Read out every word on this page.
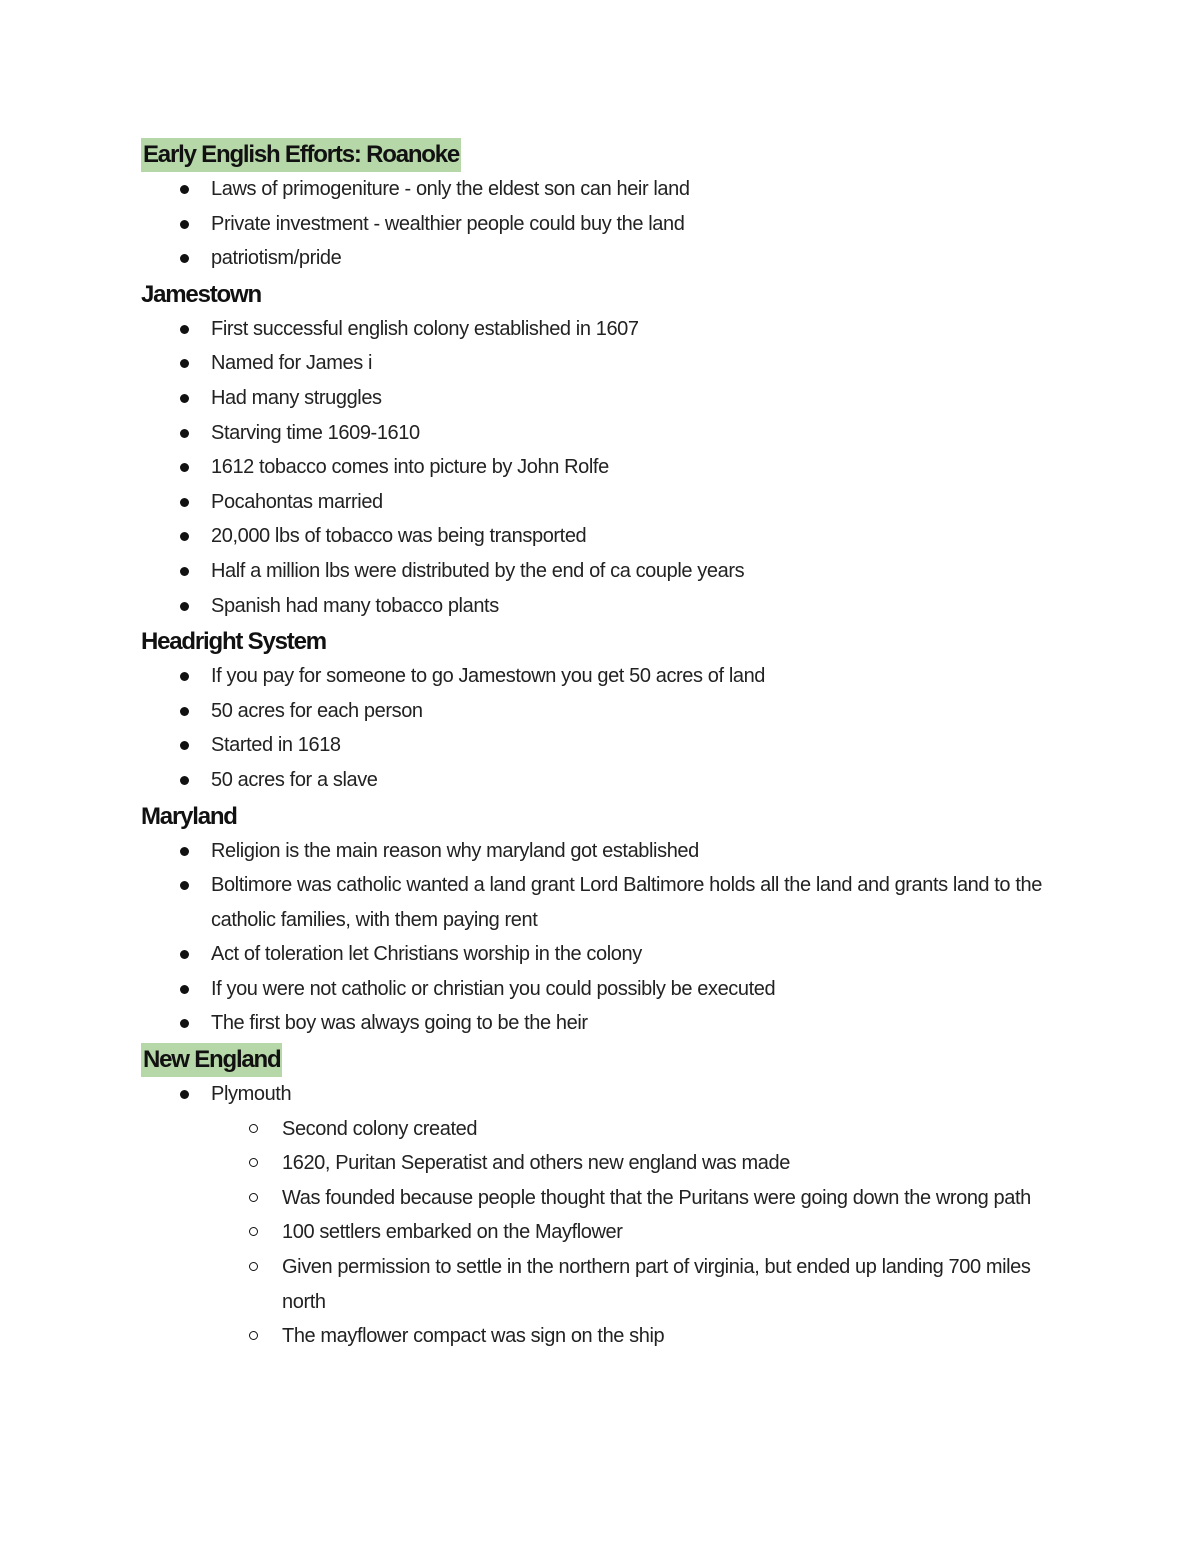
Early English Efforts: Roanoke
Laws of primogeniture - only the eldest son can heir land
Private investment - wealthier people could buy the land
patriotism/pride
Jamestown
First successful english colony established in 1607
Named for James i
Had many struggles
Starving time 1609-1610
1612 tobacco comes into picture by John Rolfe
Pocahontas married
20,000 lbs of tobacco was being transported
Half a million lbs were distributed by the end of ca couple years
Spanish had many tobacco plants
Headright System
If you pay for someone to go Jamestown you get 50 acres of land
50 acres for each person
Started in 1618
50 acres for a slave
Maryland
Religion is the main reason why maryland got established
Boltimore was catholic wanted a land grant Lord Baltimore holds all the land and grants land to the catholic families, with them paying rent
Act of toleration let Christians worship in the colony
If you were not catholic or christian you could possibly be executed
The first boy was always going to be the heir
New England
Plymouth
Second colony created
1620, Puritan Seperatist and others new england was made
Was founded because people thought that the Puritans were going down the wrong path
100 settlers embarked on the Mayflower
Given permission to settle in the northern part of virginia, but ended up landing 700 miles north
The mayflower compact was sign on the ship
